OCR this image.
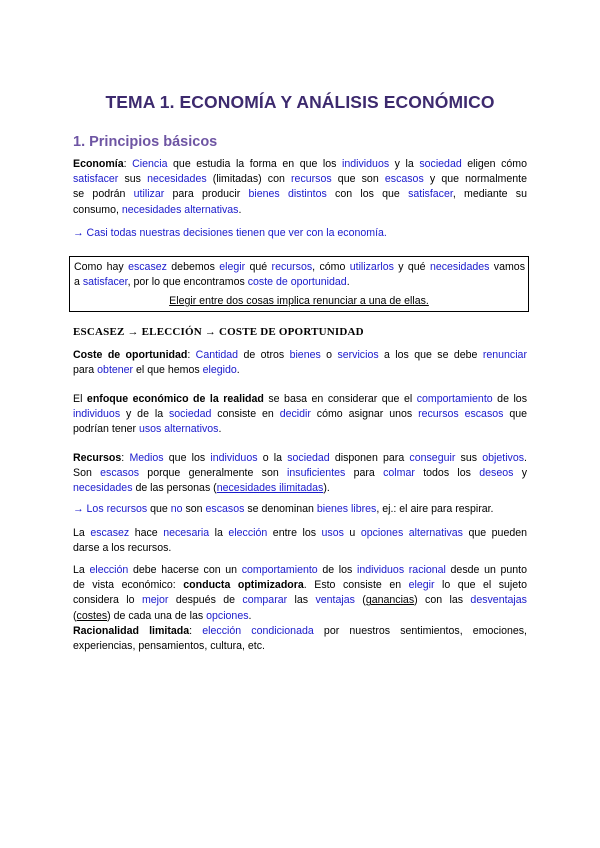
TEMA 1. ECONOMÍA Y ANÁLISIS ECONÓMICO
1. Principios básicos
Economía: Ciencia que estudia la forma en que los individuos y la sociedad eligen cómo
satisfacer sus necesidades (limitadas) con recursos que son escasos y que normalmente
se podrán utilizar para producir bienes distintos con los que satisfacer, mediante su
consumo, necesidades alternativas.
→ Casi todas nuestras decisiones tienen que ver con la economía.
Como hay escasez debemos elegir qué recursos, cómo utilizarlos y qué necesidades vamos
a satisfacer, por lo que encontramos coste de oportunidad.
Elegir entre dos cosas implica renunciar a una de ellas.
ESCASEZ → ELECCIÓN → COSTE DE OPORTUNIDAD
Coste de oportunidad: Cantidad de otros bienes o servicios a los que se debe renunciar
para obtener el que hemos elegido.
El enfoque económico de la realidad se basa en considerar que el comportamiento de los
individuos y de la sociedad consiste en decidir cómo asignar unos recursos escasos que
podrían tener usos alternativos.
Recursos: Medios que los individuos o la sociedad disponen para conseguir sus objetivos.
Son escasos porque generalmente son insuficientes para colmar todos los deseos y
necesidades de las personas (necesidades ilimitadas).
→ Los recursos que no son escasos se denominan bienes libres, ej.: el aire para respirar.
La escasez hace necesaria la elección entre los usos u opciones alternativas que pueden
darse a los recursos.
La elección debe hacerse con un comportamiento de los individuos racional desde un punto
de vista económico: conducta optimizadora. Esto consiste en elegir lo que el sujeto
considera lo mejor después de comparar las ventajas (ganancias) con las desventajas
(costes) de cada una de las opciones.
Racionalidad limitada: elección condicionada por nuestros sentimientos, emociones,
experiencias, pensamientos, cultura, etc.
